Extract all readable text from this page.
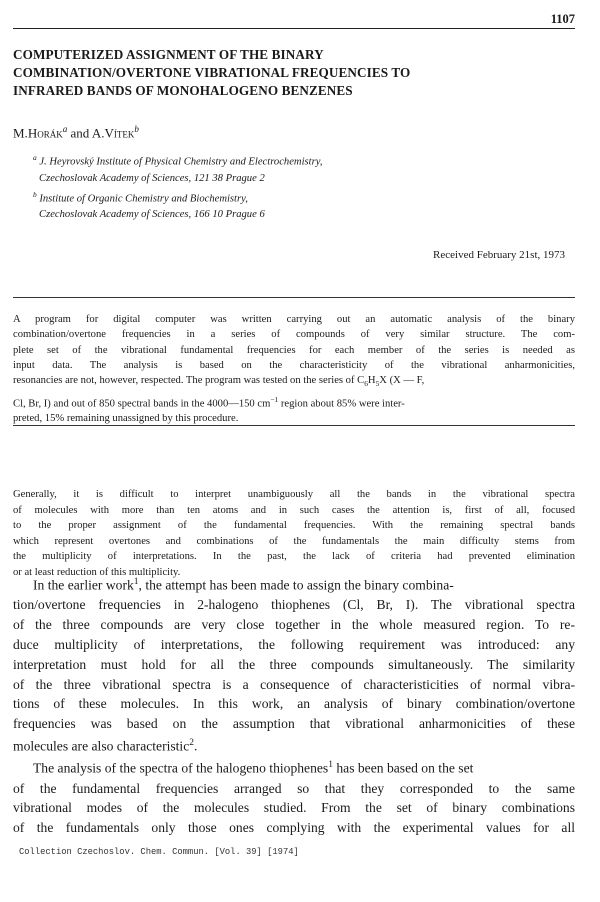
1107
COMPUTERIZED ASSIGNMENT OF THE BINARY
COMBINATION/OVERTONE VIBRATIONAL FREQUENCIES TO
INFRARED BANDS OF MONOHALOGENO BENZENES
M.Horák$^a$ and A.Vítek$^b$
$^a$ J. Heyrovský Institute of Physical Chemistry and Electrochemistry,
Czechoslovak Academy of Sciences, 121 38 Prague 2
$^b$ Institute of Organic Chemistry and Biochemistry,
Czechoslovak Academy of Sciences, 166 10 Prague 6
Received February 21st, 1973
A program for digital computer was written carrying out an automatic analysis of the binary
combination/overtone frequencies in a series of compounds of very similar structure. The com-
plete set of the vibrational fundamental frequencies for each member of the series is needed as
input data. The analysis is based on the characteristicity of the vibrational anharmonicities,
resonancies are not, however, respected. The program was tested on the series of $C_6H_5X$ (X — F,
Cl, Br, I) and out of 850 spectral bands in the 4000—150 $cm^{-1}$ region about 85% were inter-
preted, 15% remaining unassigned by this procedure.
Generally, it is difficult to interpret unambiguously all the bands in the vibrational spectra
of molecules with more than ten atoms and in such cases the attention is, first of all, focused
to the proper assignment of the fundamental frequencies. With the remaining spectral bands
which represent overtones and combinations of the fundamentals the main difficulty stems from
the multiplicity of interpretations. In the past, the lack of criteria had prevented elimination
or at least reduction of this multiplicity.
In the earlier work$^1$, the attempt has been made to assign the binary combina-
tion/overtone frequencies in 2-halogeno thiophenes (Cl, Br, I). The vibrational spectra
of the three compounds are very close together in the whole measured region. To re-
duce multiplicity of interpretations, the following requirement was introduced: any
interpretation must hold for all the three compounds simultaneously. The similarity
of the three vibrational spectra is a consequence of characteristicities of normal vibra-
tions of these molecules. In this work, an analysis of binary combination/overtone
frequencies was based on the assumption that vibrational anharmonicities of these
molecules are also characteristic$^2$.
The analysis of the spectra of the halogeno thiophenes$^1$ has been based on the set
of the fundamental frequencies arranged so that they corresponded to the same
vibrational modes of the molecules studied. From the set of binary combinations
of the fundamentals only those ones complying with the experimental values for all
Collection Czechoslov. Chem. Commun. [Vol. 39] [1974]
